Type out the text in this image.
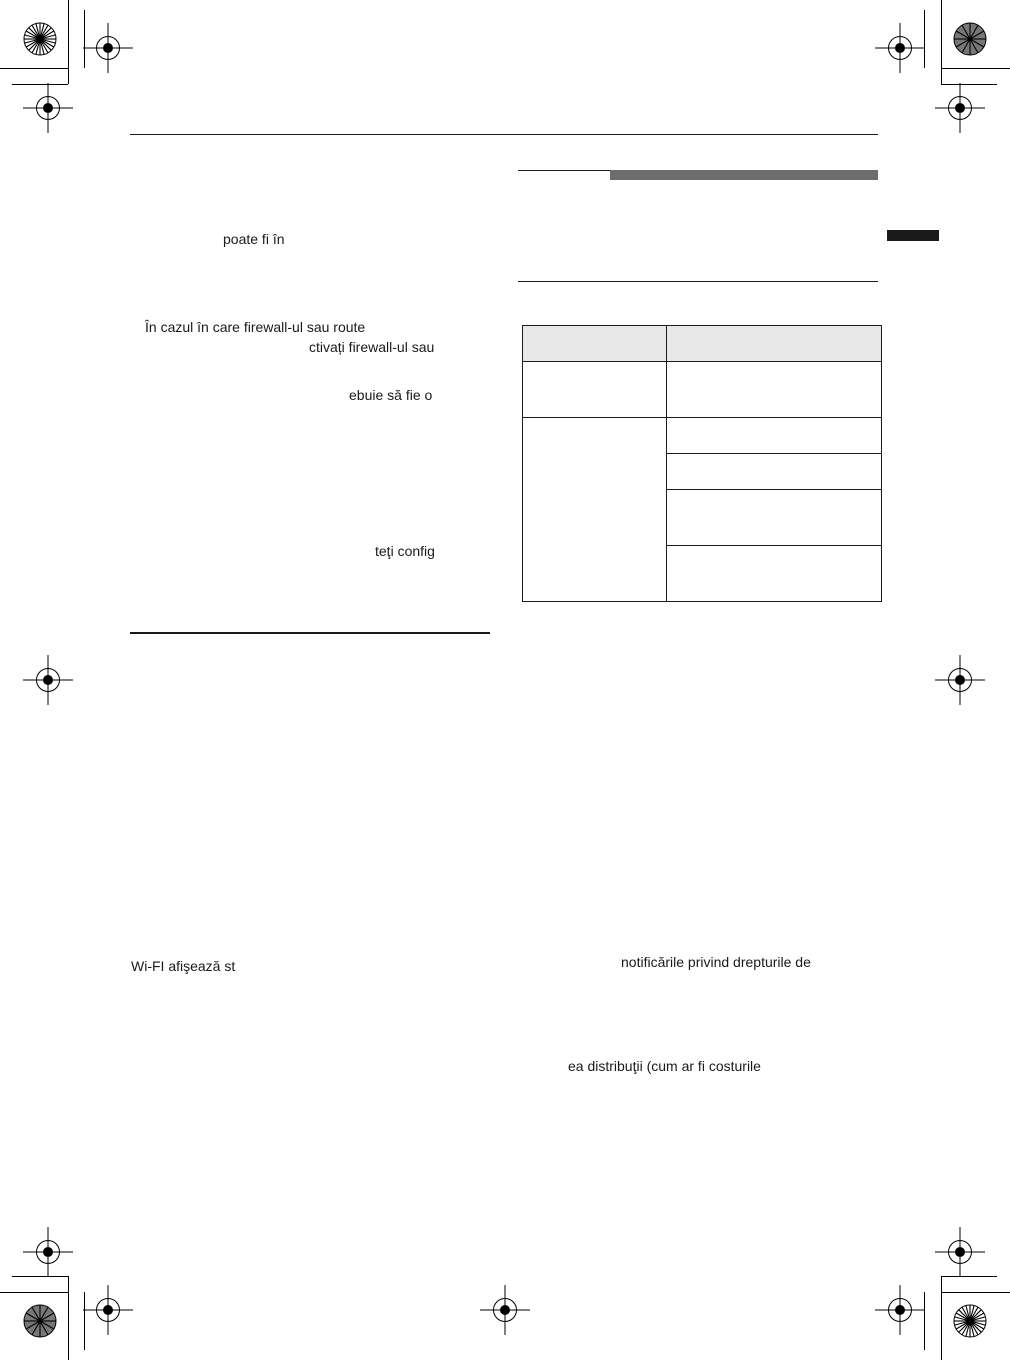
poate fi în
În cazul în care firewall-ul sau route
ctivați firewall-ul sau
ebuie să fie o
teţi config
Wi-FI afişează st	notificările privind drepturile de
ea distribuţii (cum ar fi costurile
